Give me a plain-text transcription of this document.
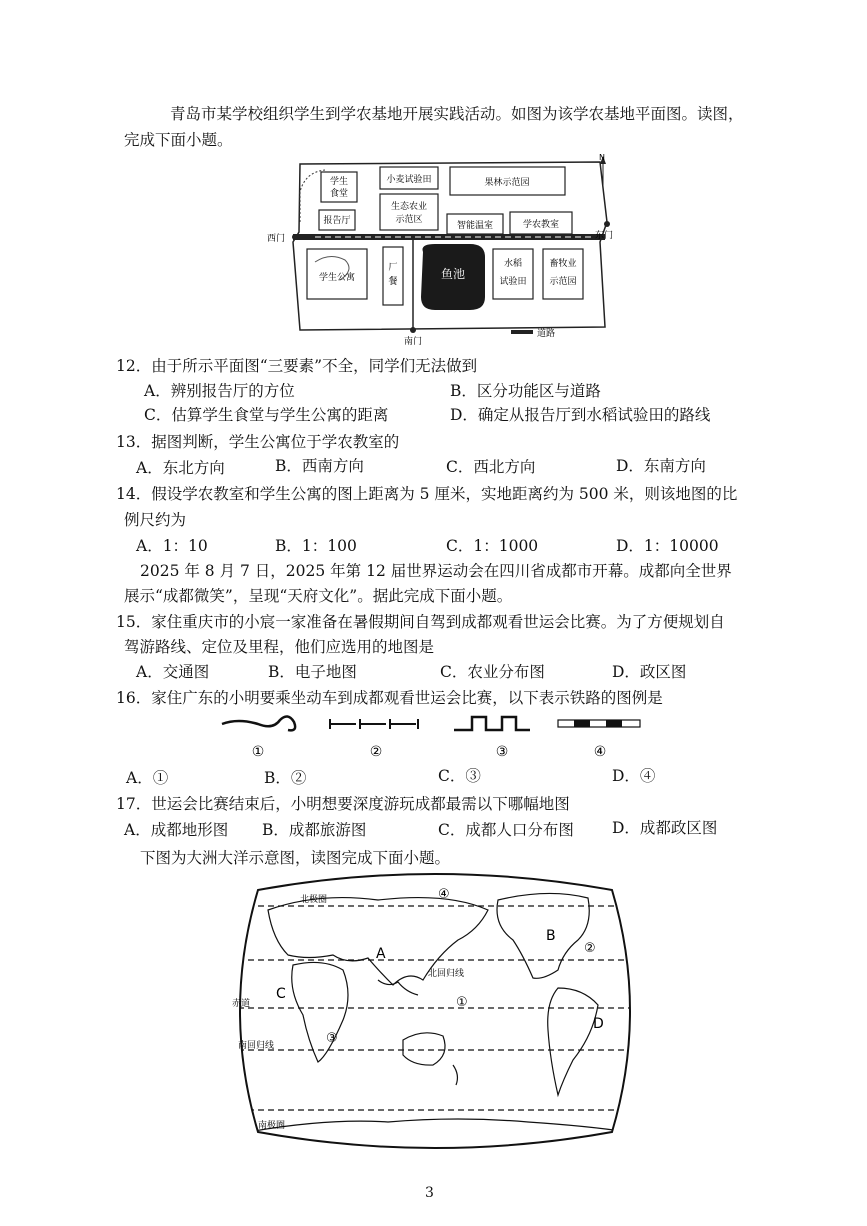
青岛市某学校组织学生到学农基地开展实践活动。如图为该学农基地平面图。读图，
完成下面小题。
学生
食堂
报告厅
小麦试验田
生态农业
示范区
果林示范园
智能温室	学农教室
学生公寓
厂
餐
鱼池
水稻
试验田
畜牧业
示范园
南门
西门	东门
N
道路
12．由于所示平面图“三要素”不全，同学们无法做到
A．辨别报告厅的方位	B．区分功能区与道路
C．估算学生食堂与学生公寓的距离	D．确定从报告厅到水稻试验田的路线
13．据图判断，学生公寓位于学农教室的
A．东北方向	B．西南方向	C．西北方向	D．东南方向
14．假设学农教室和学生公寓的图上距离为 5 厘米，实地距离约为 500 米，则该地图的比
例尺约为
A．1：10	B．1：100	C．1：1000	D．1：10000
2025 年 8 月 7 日，2025 年第 12 届世界运动会在四川省成都市开幕。成都向全世界
展示“成都微笑”，呈现“天府文化”。据此完成下面小题。
15．家住重庆市的小宸一家准备在暑假期间自驾到成都观看世运会比赛。为了方便规划自
驾游路线、定位及里程，他们应选用的地图是
A．交通图	B．电子地图	C．农业分布图	D．政区图
16．家住广东的小明要乘坐动车到成都观看世运会比赛，以下表示铁路的图例是
①	②	③	④
A．①	B．②	C．③	D．④
17．世运会比赛结束后，小明想要深度游玩成都最需以下哪幅地图
A．成都地形图 B．成都旅游图	C．成都人口分布图 D．成都政区图
下图为大洲大洋示意图，读图完成下面小题。
北极圈
北回归线
赤道
南回归线
南极圈
A
B
C
D
①
②
③
④
3
